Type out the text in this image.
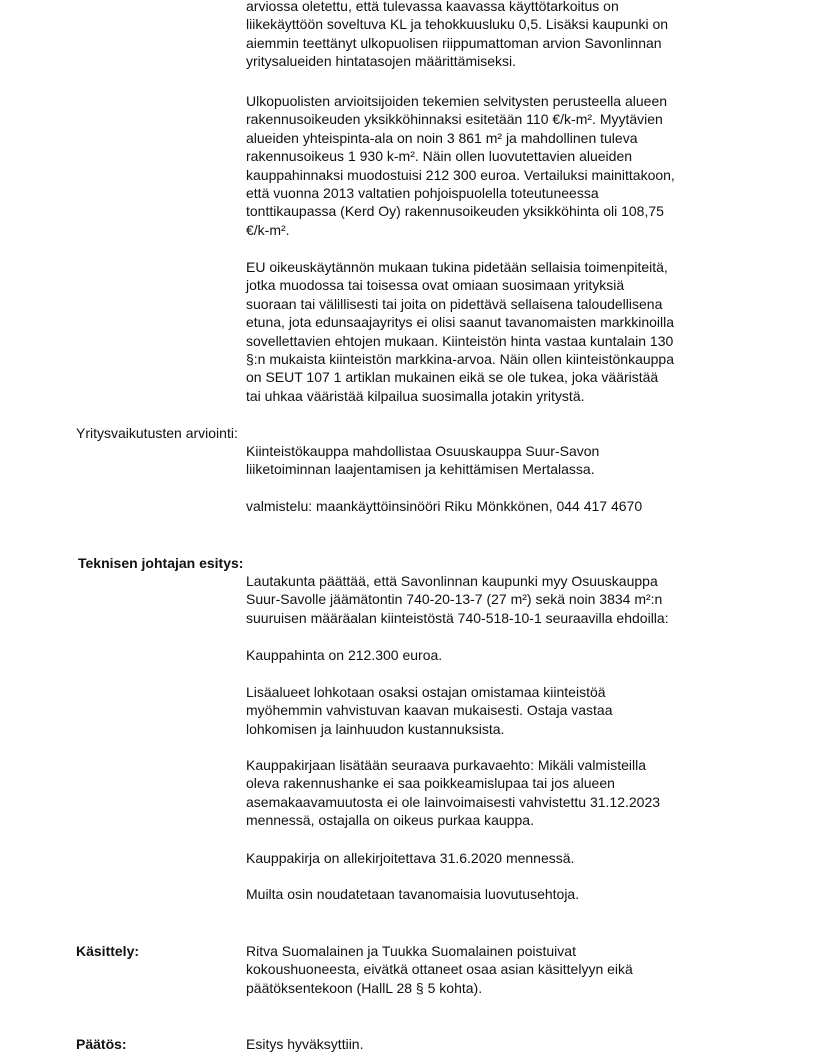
arviossa oletettu, että tulevassa kaavassa käyttötarkoitus on

liikekäyttöön soveltuva KL ja tehokkuusluku 0,5. Lisäksi kaupunki on

aiemmin teettänyt ulkopuolisen riippumattoman arvion Savonlinnan

yritysalueiden hintatasojen määrittämiseksi.

Ulkopuolisten arvioitsijoiden tekemien selvitysten perusteella alueen

rakennusoikeuden yksikköhinnaksi esitetään 110 €/k-m². Myytävien

alueiden yhteispinta-ala on noin 3 861 m² ja mahdollinen tuleva

rakennusoikeus 1 930 k-m². Näin ollen luovutettavien alueiden

kauppahinnaksi muodostuisi 212 300 euroa. Vertailuksi mainittakoon,

että vuonna 2013 valtatien pohjoispuolella toteutuneessa

tonttikaupassa (Kerd Oy) rakennusoikeuden yksikköhinta oli 108,75

€/k-m².

EU oikeuskäytännön mukaan tukina pidetään sellaisia toimenpiteitä,

jotka muodossa tai toisessa ovat omiaan suosimaan yrityksiä

suoraan tai välillisesti tai joita on pidettävä sellaisena taloudellisena

etuna, jota edunsaajayritys ei olisi saanut tavanomaisten markkinoilla

sovellettavien ehtojen mukaan. Kiinteistön hinta vastaa kuntalain 130

§:n mukaista kiinteistön markkina-arvoa. Näin ollen kiinteistönkauppa

on SEUT 107 1 artiklan mukainen eikä se ole tukea, joka vääristää

tai uhkaa vääristää kilpailua suosimalla jotakin yritystä.

Yritysvaikutusten arviointi:

Kiinteistökauppa mahdollistaa Osuuskauppa Suur-Savon

liiketoiminnan laajentamisen ja kehittämisen Mertalassa.

valmistelu: maankäyttöinsinööri Riku Mönkkönen, 044 417 4670
Teknisen johtajan esitys:

Lautakunta päättää, että Savonlinnan kaupunki myy Osuuskauppa

Suur-Savolle jäämätontin 740-20-13-7 (27 m²) sekä noin 3834 m²:n

suuruisen määräalan kiinteistöstä 740-518-10-1 seuraavilla ehdoilla:

Kauppahinta on 212.300 euroa.

Lisäalueet lohkotaan osaksi ostajan omistamaa kiinteistöä

myöhemmin vahvistuvan kaavan mukaisesti. Ostaja vastaa

lohkomisen ja lainhuudon kustannuksista.

Kauppakirjaan lisätään seuraava purkavaehto: Mikäli valmisteilla

oleva rakennushanke ei saa poikkeamislupaa tai jos alueen

asemakaavamuutosta ei ole lainvoimaisesti vahvistettu 31.12.2023

mennessä, ostajalla on oikeus purkaa kauppa.

Kauppakirja on allekirjoitettava 31.6.2020 mennessä.
Muilta osin noudatetaan tavanomaisia luovutusehtoja.
Käsittely:	Ritva Suomalainen ja Tuukka Suomalainen poistuivat

kokoushuoneesta, eivätkä ottaneet osaa asian käsittelyyn eikä

päätöksentekoon (HallL 28 § 5 kohta).

Päätös:	Esitys hyväksyttiin.
